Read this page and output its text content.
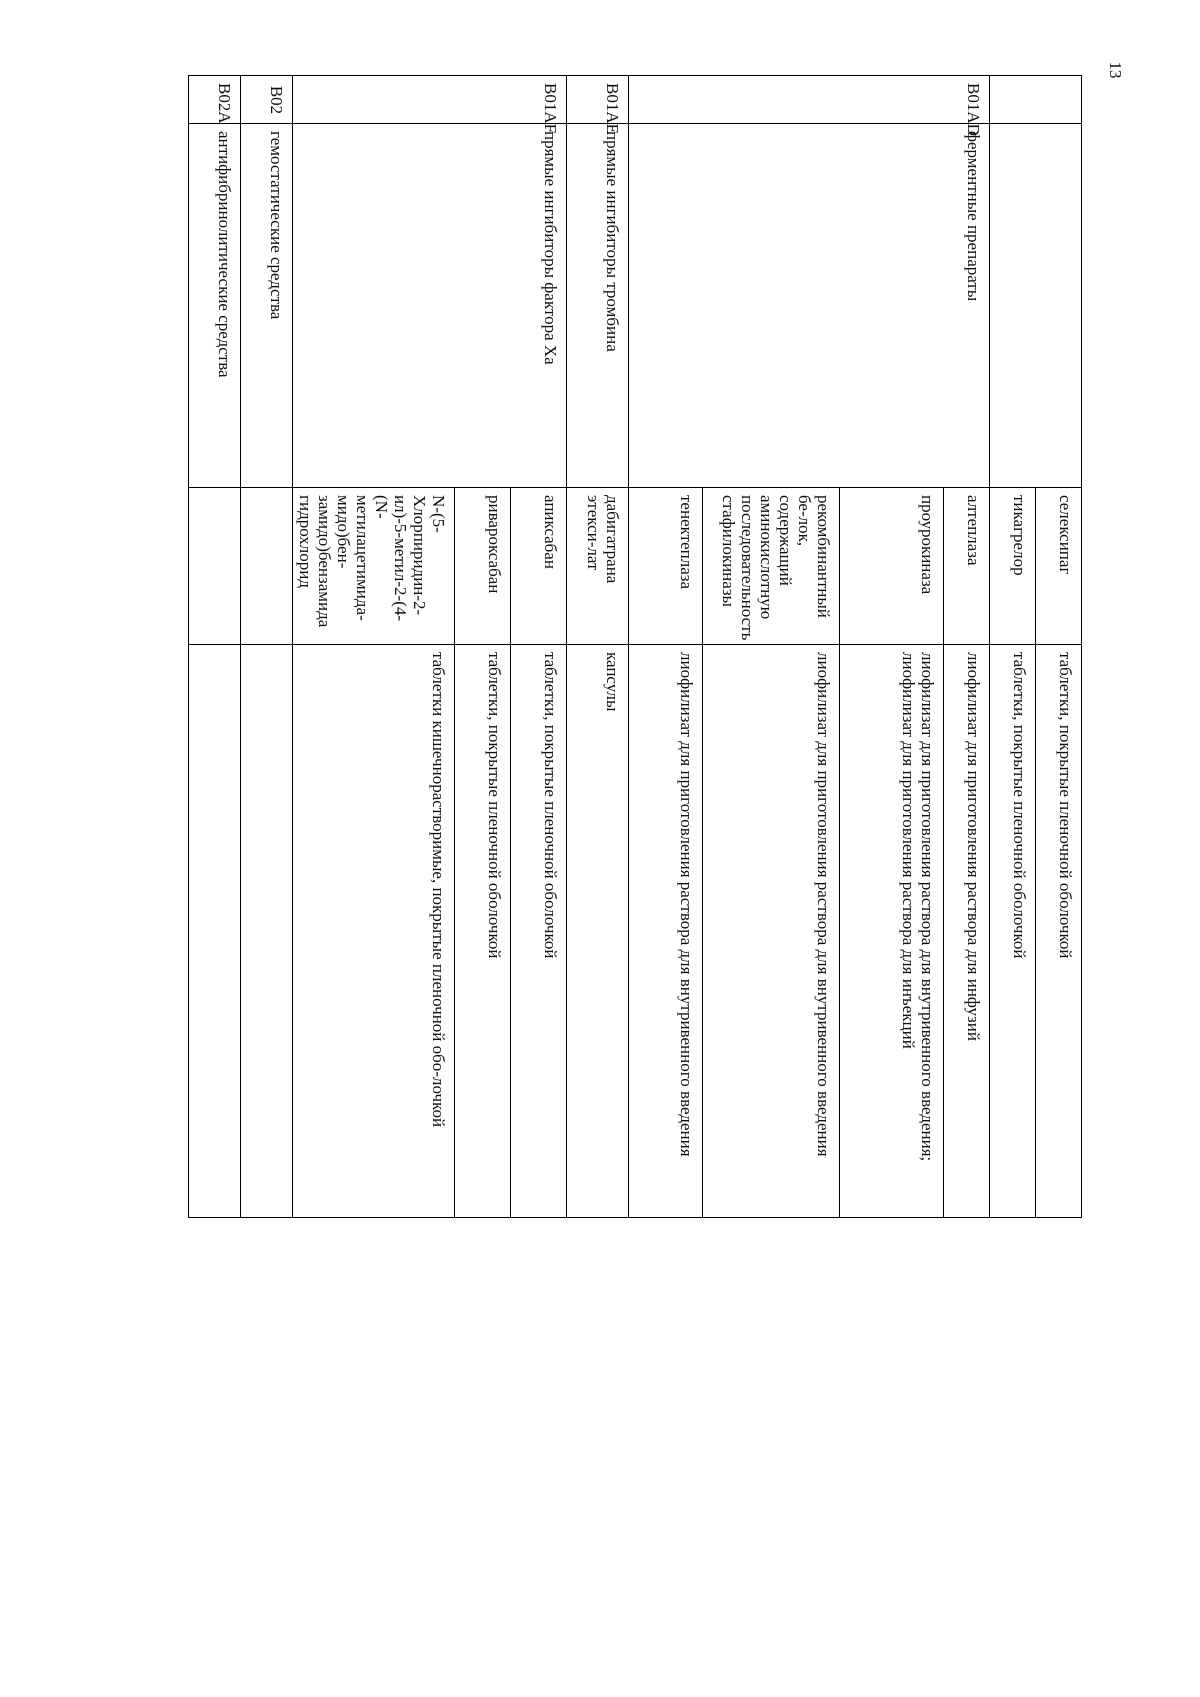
13
		селексипаг	таблетки, покрытые пленочной оболочкой
		тикагрелор	таблетки, покрытые пленочной оболочкой
B01AD	ферментные препараты	алтеплаза	лиофилизат для приготовления раствора для инфузий
		проурокиназа	лиофилизат для приготовления раствора для внутривенного введения;
лиофилизат для приготовления раствора для инъекций

		рекомбинантный бе-лок, содержащий аминокислотную последовательность стафилокиназы	лиофилизат для приготовления раствора для внутривенного введения
		тенектеплаза	лиофилизат для приготовления раствора для внутривенного введения
B01AE	прямые ингибиторы тромбина	дабигатрана этекси-лат	капсулы
B01AF	прямые ингибиторы фактора Ха	апиксабан	таблетки, покрытые пленочной оболочкой
		ривароксабан	таблетки, покрытые пленочной оболочкой
		N-(5-Хлорпиридин-2-ил)-5-метил-2-(4-(N-метилацетимида-мидо)бен-замидо)бензамида гидрохлорид	таблетки кишечнорастворимые, покрытые пленочной обо-лочкой
B02	гемостатические средства		
B02A	антифибринолитические средства		
